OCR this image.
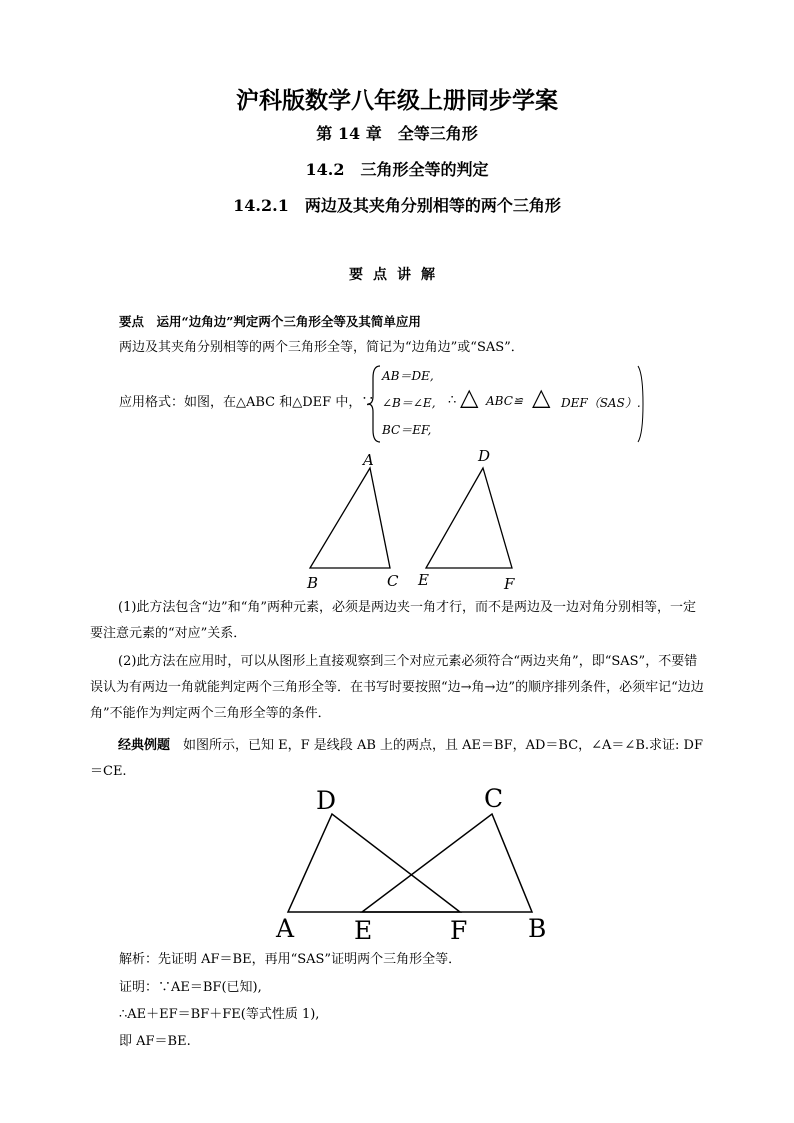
沪科版数学八年级上册同步学案
第 14 章　全等三角形
14.2　三角形全等的判定
14.2.1　两边及其夹角分别相等的两个三角形
要点讲解
要点　运用“边角边”判定两个三角形全等及其简单应用
两边及其夹角分别相等的两个三角形全等，简记为“边角边”或“SAS”．
应用格式：如图，在△ABC 和△DEF 中，∵
AB＝DE,
∠B＝∠E,
BC＝EF,
∴ △ ABC≌ △ DEF（SAS）.
A
B	C
D
E	F
(1)此方法包含“边”和“角”两种元素，必须是两边夹一角才行，而不是两边及一边对角分别相等，一定要注意元素的“对应”关系．
(2)此方法在应用时，可以从图形上直接观察到三个对应元素必须符合“两边夹角”，即“SAS”，不要错误认为有两边一角就能判定两个三角形全等．在书写时要按照“边→角→边”的顺序排列条件，必须牢记“边边角”不能作为判定两个三角形全等的条件．
经典例题　 如图所示，已知 E，F 是线段 AB 上的两点，且 AE＝BF，AD＝BC，∠A＝∠B.求证: DF＝CE.
D	C
A E	F B
解析：先证明 AF＝BE，再用“SAS”证明两个三角形全等．
证明：∵AE＝BF(已知),
∴AE＋EF＝BF＋FE(等式性质 1),
即 AF＝BE.
